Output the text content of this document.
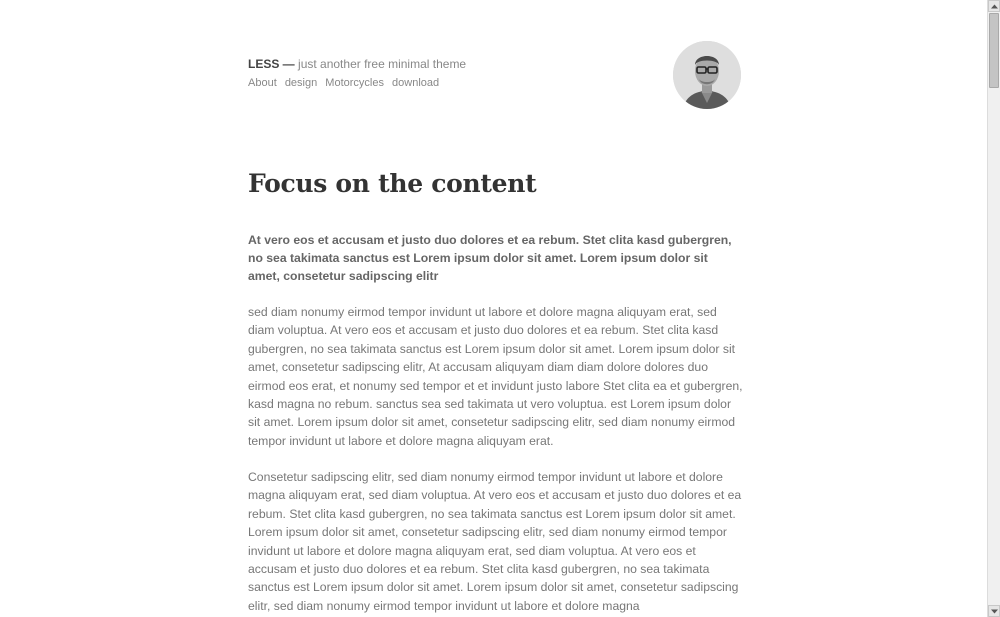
LESS — just another free minimal theme
About design Motorcycles download
Focus on the content

At vero eos et accusam et justo duo dolores et ea rebum. Stet clita kasd gubergren, no sea takimata sanctus est Lorem ipsum dolor sit amet. Lorem ipsum dolor sit amet, consetetur sadipscing elitr

sed diam nonumy eirmod tempor invidunt ut labore et dolore magna aliquyam erat, sed diam voluptua. At vero eos et accusam et justo duo dolores et ea rebum. Stet clita kasd gubergren, no sea takimata sanctus est Lorem ipsum dolor sit amet. Lorem ipsum dolor sit amet, consetetur sadipscing elitr, At accusam aliquyam diam diam dolore dolores duo eirmod eos erat, et nonumy sed tempor et et invidunt justo labore Stet clita ea et gubergren, kasd magna no rebum. sanctus sea sed takimata ut vero voluptua. est Lorem ipsum dolor sit amet. Lorem ipsum dolor sit amet, consetetur sadipscing elitr, sed diam nonumy eirmod tempor invidunt ut labore et dolore magna aliquyam erat.

Consetetur sadipscing elitr, sed diam nonumy eirmod tempor invidunt ut labore et dolore magna aliquyam erat, sed diam voluptua. At vero eos et accusam et justo duo dolores et ea rebum. Stet clita kasd gubergren, no sea takimata sanctus est Lorem ipsum dolor sit amet. Lorem ipsum dolor sit amet, consetetur sadipscing elitr, sed diam nonumy eirmod tempor invidunt ut labore et dolore magna aliquyam erat, sed diam voluptua. At vero eos et accusam et justo duo dolores et ea rebum. Stet clita kasd gubergren, no sea takimata sanctus est Lorem ipsum dolor sit amet. Lorem ipsum dolor sit amet, consetetur sadipscing elitr, sed diam nonumy eirmod tempor invidunt ut labore et dolore magna
